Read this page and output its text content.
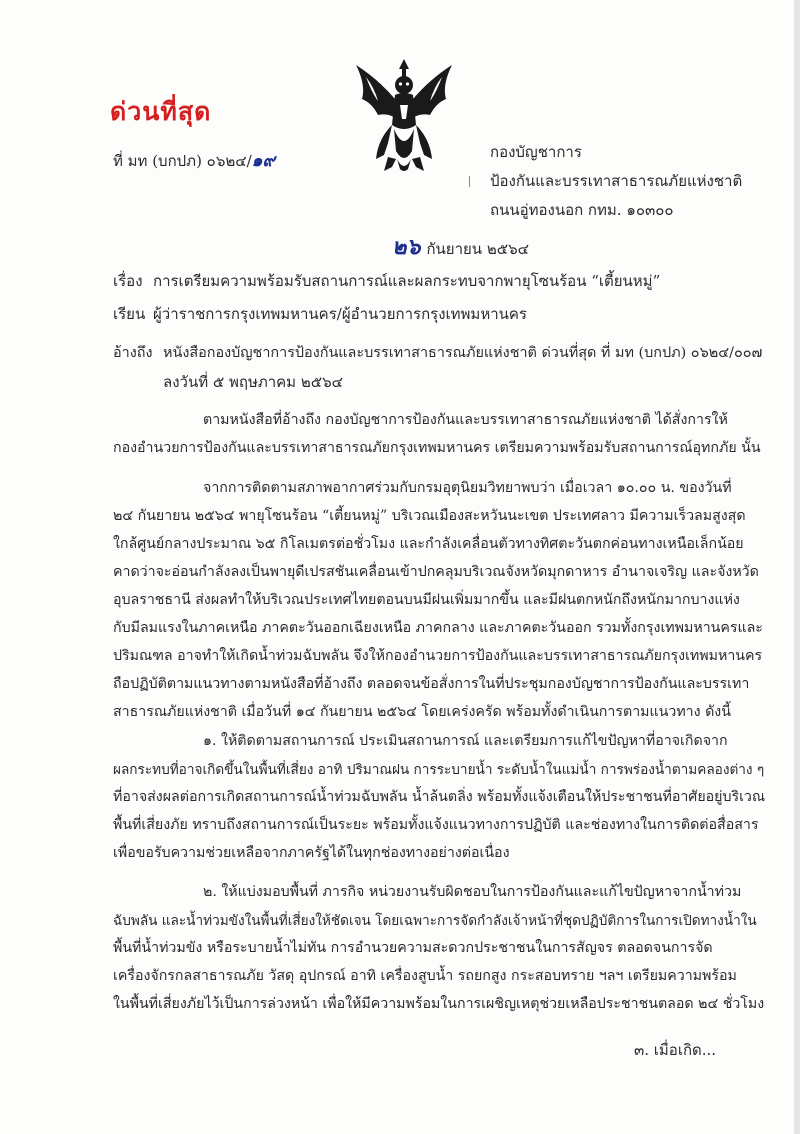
ด่วนที่สุด
ที่ มท (บกปภ) ๐๖๒๔/๑๙	กองบัญชาการ
ป้องกันและบรรเทาสาธารณภัยแห่งชาติ
ถนนอู่ทองนอก กทม. ๑๐๓๐๐
๒๖ กันยายน ๒๕๖๔
เรื่อง การเตรียมความพร้อมรับสถานการณ์และผลกระทบจากพายุโซนร้อน “เตี้ยนหมู่”
เรียน ผู้ว่าราชการกรุงเทพมหานคร/ผู้อำนวยการกรุงเทพมหานคร
อ้างถึง หนังสือกองบัญชาการป้องกันและบรรเทาสาธารณภัยแห่งชาติ ด่วนที่สุด ที่ มท (บกปภ) ๐๖๒๔/๐๐๗
ลงวันที่ ๕ พฤษภาคม ๒๕๖๔
ตามหนังสือที่อ้างถึง กองบัญชาการป้องกันและบรรเทาสาธารณภัยแห่งชาติ ได้สั่งการให้
กองอำนวยการป้องกันและบรรเทาสาธารณภัยกรุงเทพมหานคร เตรียมความพร้อมรับสถานการณ์อุทกภัย นั้น
จากการติดตามสภาพอากาศร่วมกับกรมอุตุนิยมวิทยาพบว่า เมื่อเวลา ๑๐.๐๐ น. ของวันที่
๒๔ กันยายน ๒๕๖๔ พายุโซนร้อน “เตี้ยนหมู่” บริเวณเมืองสะหวันนะเขต ประเทศลาว มีความเร็วลมสูงสุด
ใกล้ศูนย์กลางประมาณ ๖๕ กิโลเมตรต่อชั่วโมง และกำลังเคลื่อนตัวทางทิศตะวันตกค่อนทางเหนือเล็กน้อย
คาดว่าจะอ่อนกำลังลงเป็นพายุดีเปรสชันเคลื่อนเข้าปกคลุมบริเวณจังหวัดมุกดาหาร อำนาจเจริญ และจังหวัด
อุบลราชธานี ส่งผลทำให้บริเวณประเทศไทยตอนบนมีฝนเพิ่มมากขึ้น และมีฝนตกหนักถึงหนักมากบางแห่ง
กับมีลมแรงในภาคเหนือ ภาคตะวันออกเฉียงเหนือ ภาคกลาง และภาคตะวันออก รวมทั้งกรุงเทพมหานครและ
ปริมณฑล อาจทำให้เกิดน้ำท่วมฉับพลัน จึงให้กองอำนวยการป้องกันและบรรเทาสาธารณภัยกรุงเทพมหานคร
ถือปฏิบัติตามแนวทางตามหนังสือที่อ้างถึง ตลอดจนข้อสั่งการในที่ประชุมกองบัญชาการป้องกันและบรรเทา
สาธารณภัยแห่งชาติ เมื่อวันที่ ๑๔ กันยายน ๒๕๖๔ โดยเคร่งครัด พร้อมทั้งดำเนินการตามแนวทาง ดังนี้
๑. ให้ติดตามสถานการณ์ ประเมินสถานการณ์ และเตรียมการแก้ไขปัญหาที่อาจเกิดจาก
ผลกระทบที่อาจเกิดขึ้นในพื้นที่เสี่ยง อาทิ ปริมาณฝน การระบายน้ำ ระดับน้ำในแม่น้ำ การพร่องน้ำตามคลองต่าง ๆ
ที่อาจส่งผลต่อการเกิดสถานการณ์น้ำท่วมฉับพลัน น้ำล้นตลิ่ง พร้อมทั้งแจ้งเตือนให้ประชาชนที่อาศัยอยู่บริเวณ
พื้นที่เสี่ยงภัย ทราบถึงสถานการณ์เป็นระยะ พร้อมทั้งแจ้งแนวทางการปฏิบัติ และช่องทางในการติดต่อสื่อสาร
เพื่อขอรับความช่วยเหลือจากภาครัฐได้ในทุกช่องทางอย่างต่อเนื่อง
๒. ให้แบ่งมอบพื้นที่ ภารกิจ หน่วยงานรับผิดชอบในการป้องกันและแก้ไขปัญหาจากน้ำท่วม
ฉับพลัน และน้ำท่วมขังในพื้นที่เสี่ยงให้ชัดเจน โดยเฉพาะการจัดกำลังเจ้าหน้าที่ชุดปฏิบัติการในการเปิดทางน้ำใน
พื้นที่น้ำท่วมขัง หรือระบายน้ำไม่ทัน การอำนวยความสะดวกประชาชนในการสัญจร ตลอดจนการจัด
เครื่องจักรกลสาธารณภัย วัสดุ อุปกรณ์ อาทิ เครื่องสูบน้ำ รถยกสูง กระสอบทราย ฯลฯ เตรียมความพร้อม
ในพื้นที่เสี่ยงภัยไว้เป็นการล่วงหน้า เพื่อให้มีความพร้อมในการเผชิญเหตุช่วยเหลือประชาชนตลอด ๒๔ ชั่วโมง
๓. เมื่อเกิด...
